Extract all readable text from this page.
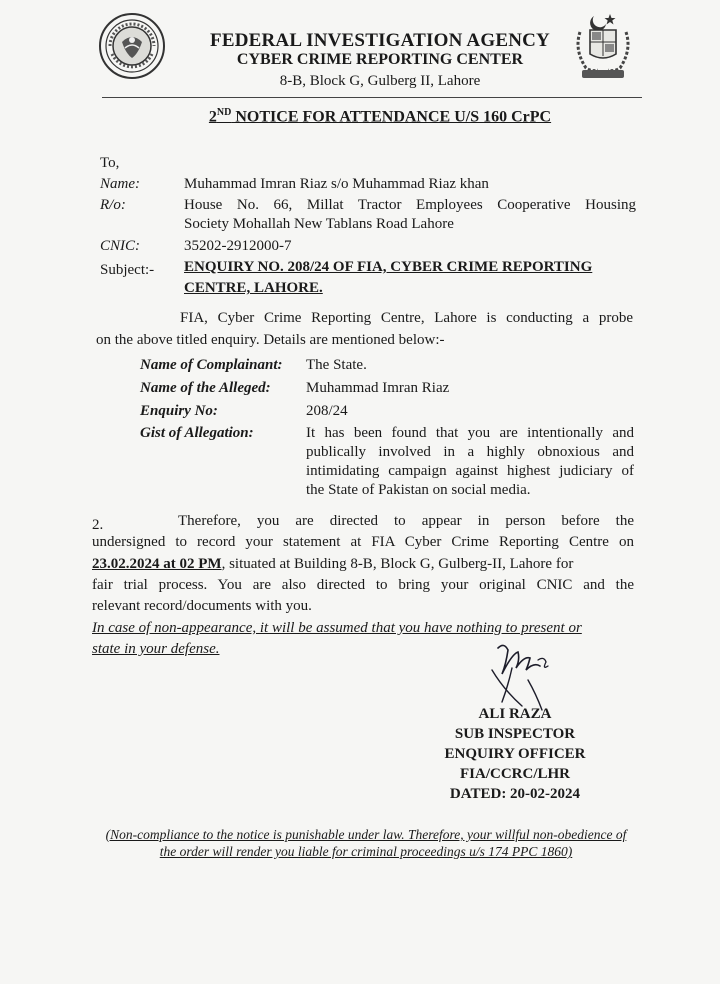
FEDERAL INVESTIGATION AGENCY
CYBER CRIME REPORTING CENTER
8-B, Block G, Gulberg II, Lahore
2ND NOTICE FOR ATTENDANCE U/S 160 CrPC
To,
Name:	Muhammad Imran Riaz s/o Muhammad Riaz khan
R/o:	House No. 66, Millat Tractor Employees Cooperative Housing
Society Mohallah New Tablans Road Lahore
CNIC:	35202-2912000-7
Subject:- ENQUIRY NO. 208/24 OF FIA, CYBER CRIME REPORTING
CENTRE, LAHORE.
FIA, Cyber Crime Reporting Centre, Lahore is conducting a probe
on the above titled enquiry. Details are mentioned below:-
Name of Complainant: The State.
Name of the Alleged: Muhammad Imran Riaz
Enquiry No:	208/24
Gist of Allegation:	It has been found that you are intentionally and
publically involved in a highly obnoxious and
intimidating campaign against highest judiciary of
the State of Pakistan on social media.
2.	Therefore, you are directed to appear in person before the
undersigned to record your statement at FIA Cyber Crime Reporting Centre on
23.02.2024 at 02 PM, situated at Building 8-B, Block G, Gulberg-II, Lahore for
fair trial process. You are also directed to bring your original CNIC and the
relevant record/documents with you.
In case of non-appearance, it will be assumed that you have nothing to present or
state in your defense.
ALI RAZA
SUB INSPECTOR
ENQUIRY OFFICER
FIA/CCRC/LHR
DATED: 20-02-2024
(Non-compliance to the notice is punishable under law. Therefore, your willful non-obedience of
the order will render you liable for criminal proceedings u/s 174 PPC 1860)
